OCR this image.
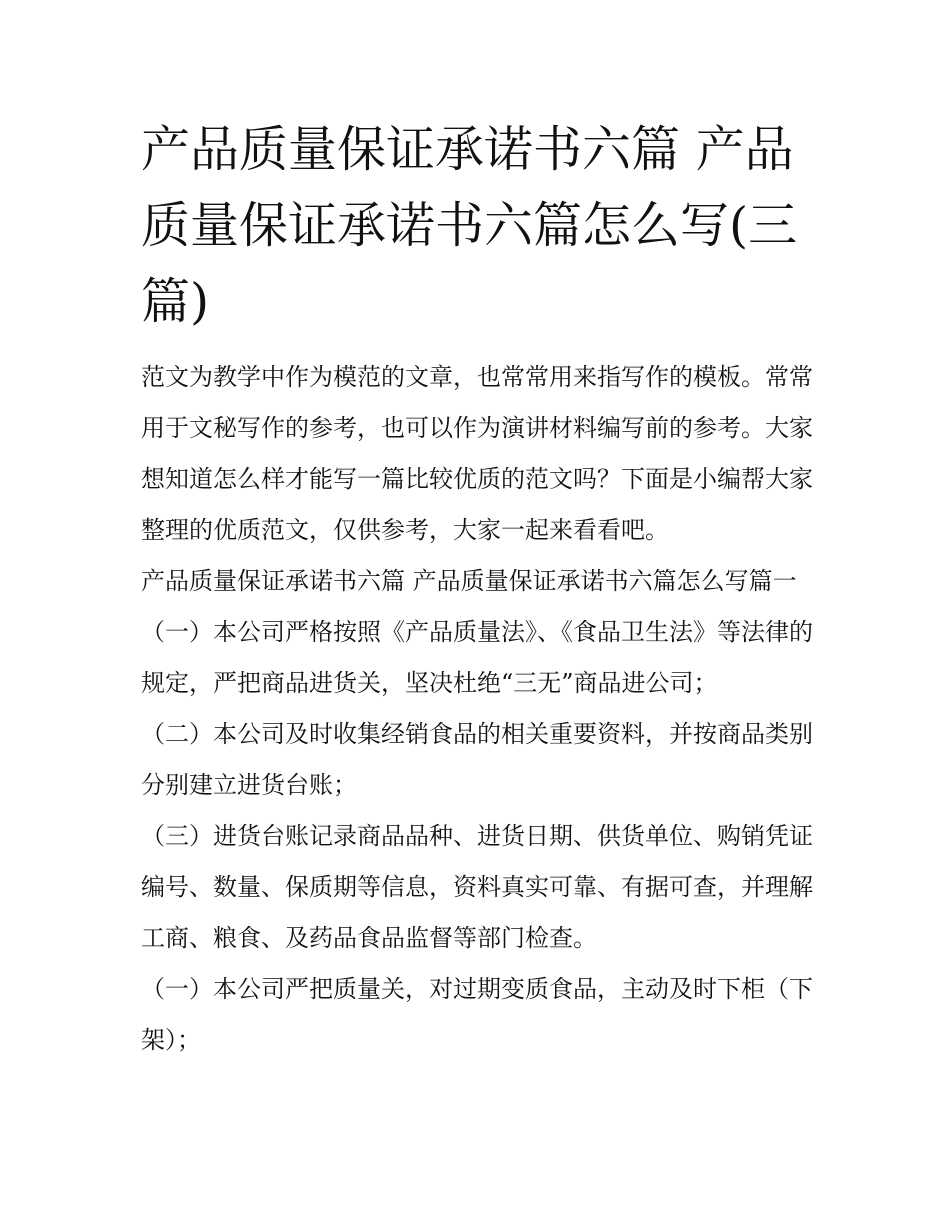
产品质量保证承诺书六篇 产品质量保证承诺书六篇怎么写(三篇)

范文为教学中作为模范的文章，也常常用来指写作的模板。常常用于文秘写作的参考，也可以作为演讲材料编写前的参考。大家想知道怎么样才能写一篇比较优质的范文吗？下面是小编帮大家整理的优质范文，仅供参考，大家一起来看看吧。

产品质量保证承诺书六篇 产品质量保证承诺书六篇怎么写篇一

（一）本公司严格按照《产品质量法》、《食品卫生法》等法律的规定，严把商品进货关，坚决杜绝“三无”商品进公司；

（二）本公司及时收集经销食品的相关重要资料，并按商品类别分别建立进货台账；

（三）进货台账记录商品品种、进货日期、供货单位、购销凭证编号、数量、保质期等信息，资料真实可靠、有据可查，并理解工商、粮食、及药品食品监督等部门检查。

（一）本公司严把质量关，对过期变质食品，主动及时下柜（下架）；
